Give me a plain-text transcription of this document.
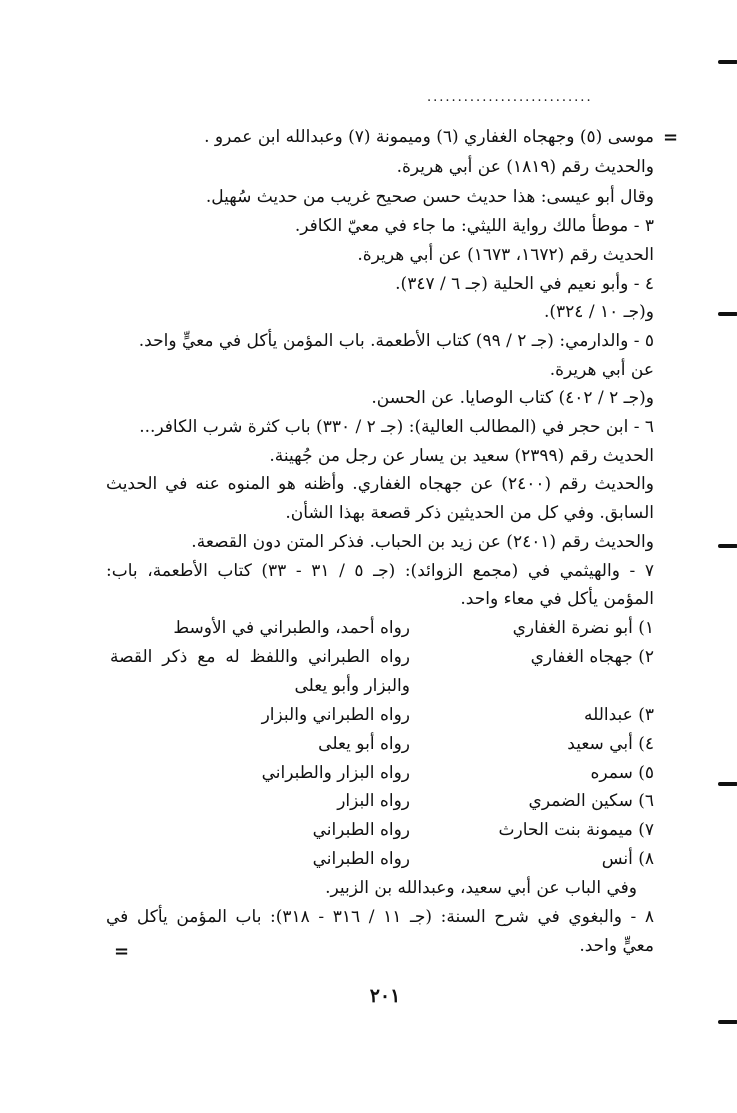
...........................
=
موسى (٥) وجهجاه الغفاري (٦) وميمونة (٧) وعبدالله ابن عمرو .
والحديث رقم (١٨١٩) عن أبي هريرة.
وقال أبو عيسى: هذا حديث حسن صحيح غريب من حديث سُهيل.
٣ - موطأ مالك رواية الليثي: ما جاء في معيّ الكافر.
الحديث رقم (١٦٧٢، ١٦٧٣) عن أبي هريرة.
٤ - وأبو نعيم في الحلية (جـ ٦ / ٣٤٧).
و(جـ ١٠ / ٣٢٤).
٥ - والدارمي: (جـ ٢ / ٩٩) كتاب الأطعمة. باب المؤمن يأكل في معيٍّ واحد.
عن أبي هريرة.
و(جـ ٢ / ٤٠٢) كتاب الوصايا. عن الحسن.
٦ - ابن حجر في (المطالب العالية): (جـ ٢ / ٣٣٠) باب كثرة شرب الكافر...
الحديث رقم (٢٣٩٩) سعيد بن يسار عن رجل من جُهينة.
والحديث رقم (٢٤٠٠) عن جهجاه الغفاري. وأظنه هو المنوه عنه في الحديث
السابق. وفي كل من الحديثين ذكر قصعة بهذا الشأن.
والحديث رقم (٢٤٠١) عن زيد بن الحباب. فذكر المتن دون القصعة.
٧ - والهيثمي في (مجمع الزوائد): (جـ ٥ / ٣١ - ٣٣) كتاب الأطعمة، باب:
المؤمن يأكل في معاء واحد.
١) أبو نضرة الغفاري
رواه أحمد، والطبراني في الأوسط
٢) جهجاه الغفاري
رواه الطبراني واللفظ له مع ذكر القصة
والبزار وأبو يعلى
٣) عبدالله
رواه الطبراني والبزار
٤) أبي سعيد
رواه أبو يعلى
٥) سمره
رواه البزار والطبراني
٦) سكين الضمري
رواه البزار
٧) ميمونة بنت الحارث
رواه الطبراني
٨) أنس
رواه الطبراني
وفي الباب عن أبي سعيد، وعبدالله بن الزبير.
٨ - والبغوي في شرح السنة: (جـ ١١ / ٣١٦ - ٣١٨): باب المؤمن يأكل في
معيٍّ واحد.
=
٢٠١
